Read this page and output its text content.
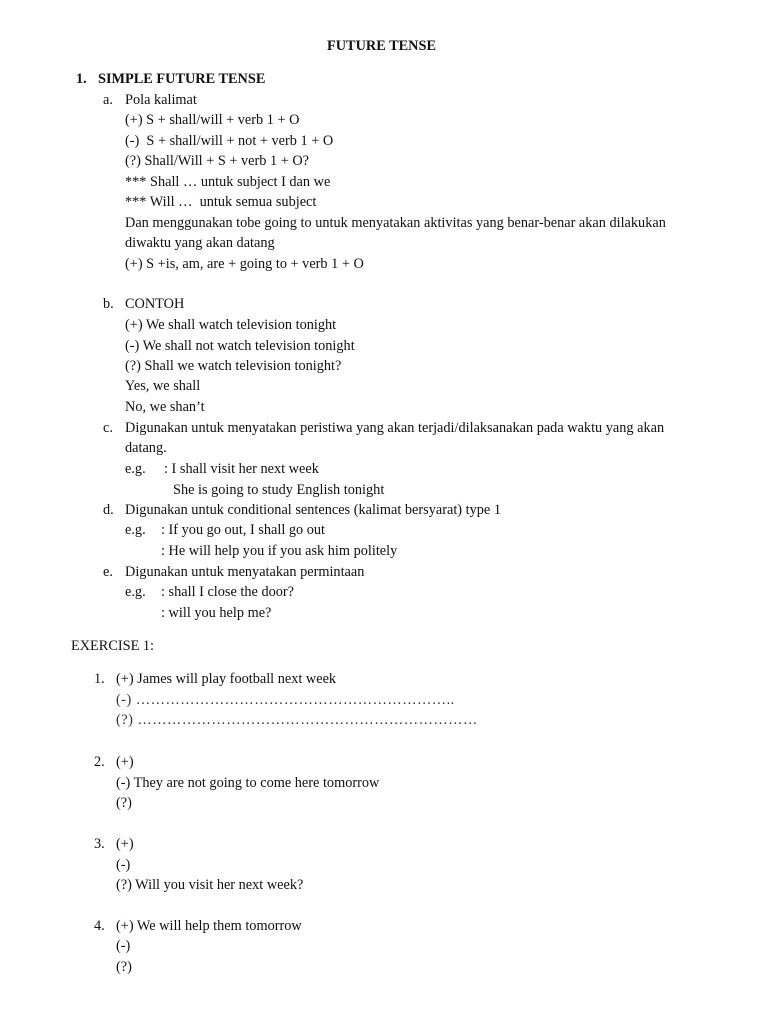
FUTURE TENSE
1. SIMPLE FUTURE TENSE
a. Pola kalimat
(+) S + shall/will + verb 1 + O
(-)  S + shall/will + not + verb 1 + O
(?) Shall/Will + S + verb 1 + O?
*** Shall … untuk subject I dan we
*** Will …  untuk semua subject
Dan menggunakan tobe going to untuk menyatakan aktivitas yang benar-benar akan dilakukan
diwaktu yang akan datang
(+) S +is, am, are + going to + verb 1 + O
b. CONTOH
(+) We shall watch television tonight
(-) We shall not watch television tonight
(?) Shall we watch television tonight?
Yes, we shall
No, we shan’t
c. Digunakan untuk menyatakan peristiwa yang akan terjadi/dilaksanakan pada waktu yang akan
datang.
e.g. : I shall visit her next week
She is going to study English tonight
d. Digunakan untuk conditional sentences (kalimat bersyarat) type 1
e.g. : If you go out, I shall go out
: He will help you if you ask him politely
e. Digunakan untuk menyatakan permintaan
e.g. : shall I close the door?
: will you help me?
EXERCISE 1:
1. (+) James will play football next week
(-) ………………………………………………………..
(?) ……………………………………………………………
2. (+)
(-) They are not going to come here tomorrow
(?)
3. (+)
(-)
(?) Will you visit her next week?
4. (+) We will help them tomorrow
(-)
(?)
